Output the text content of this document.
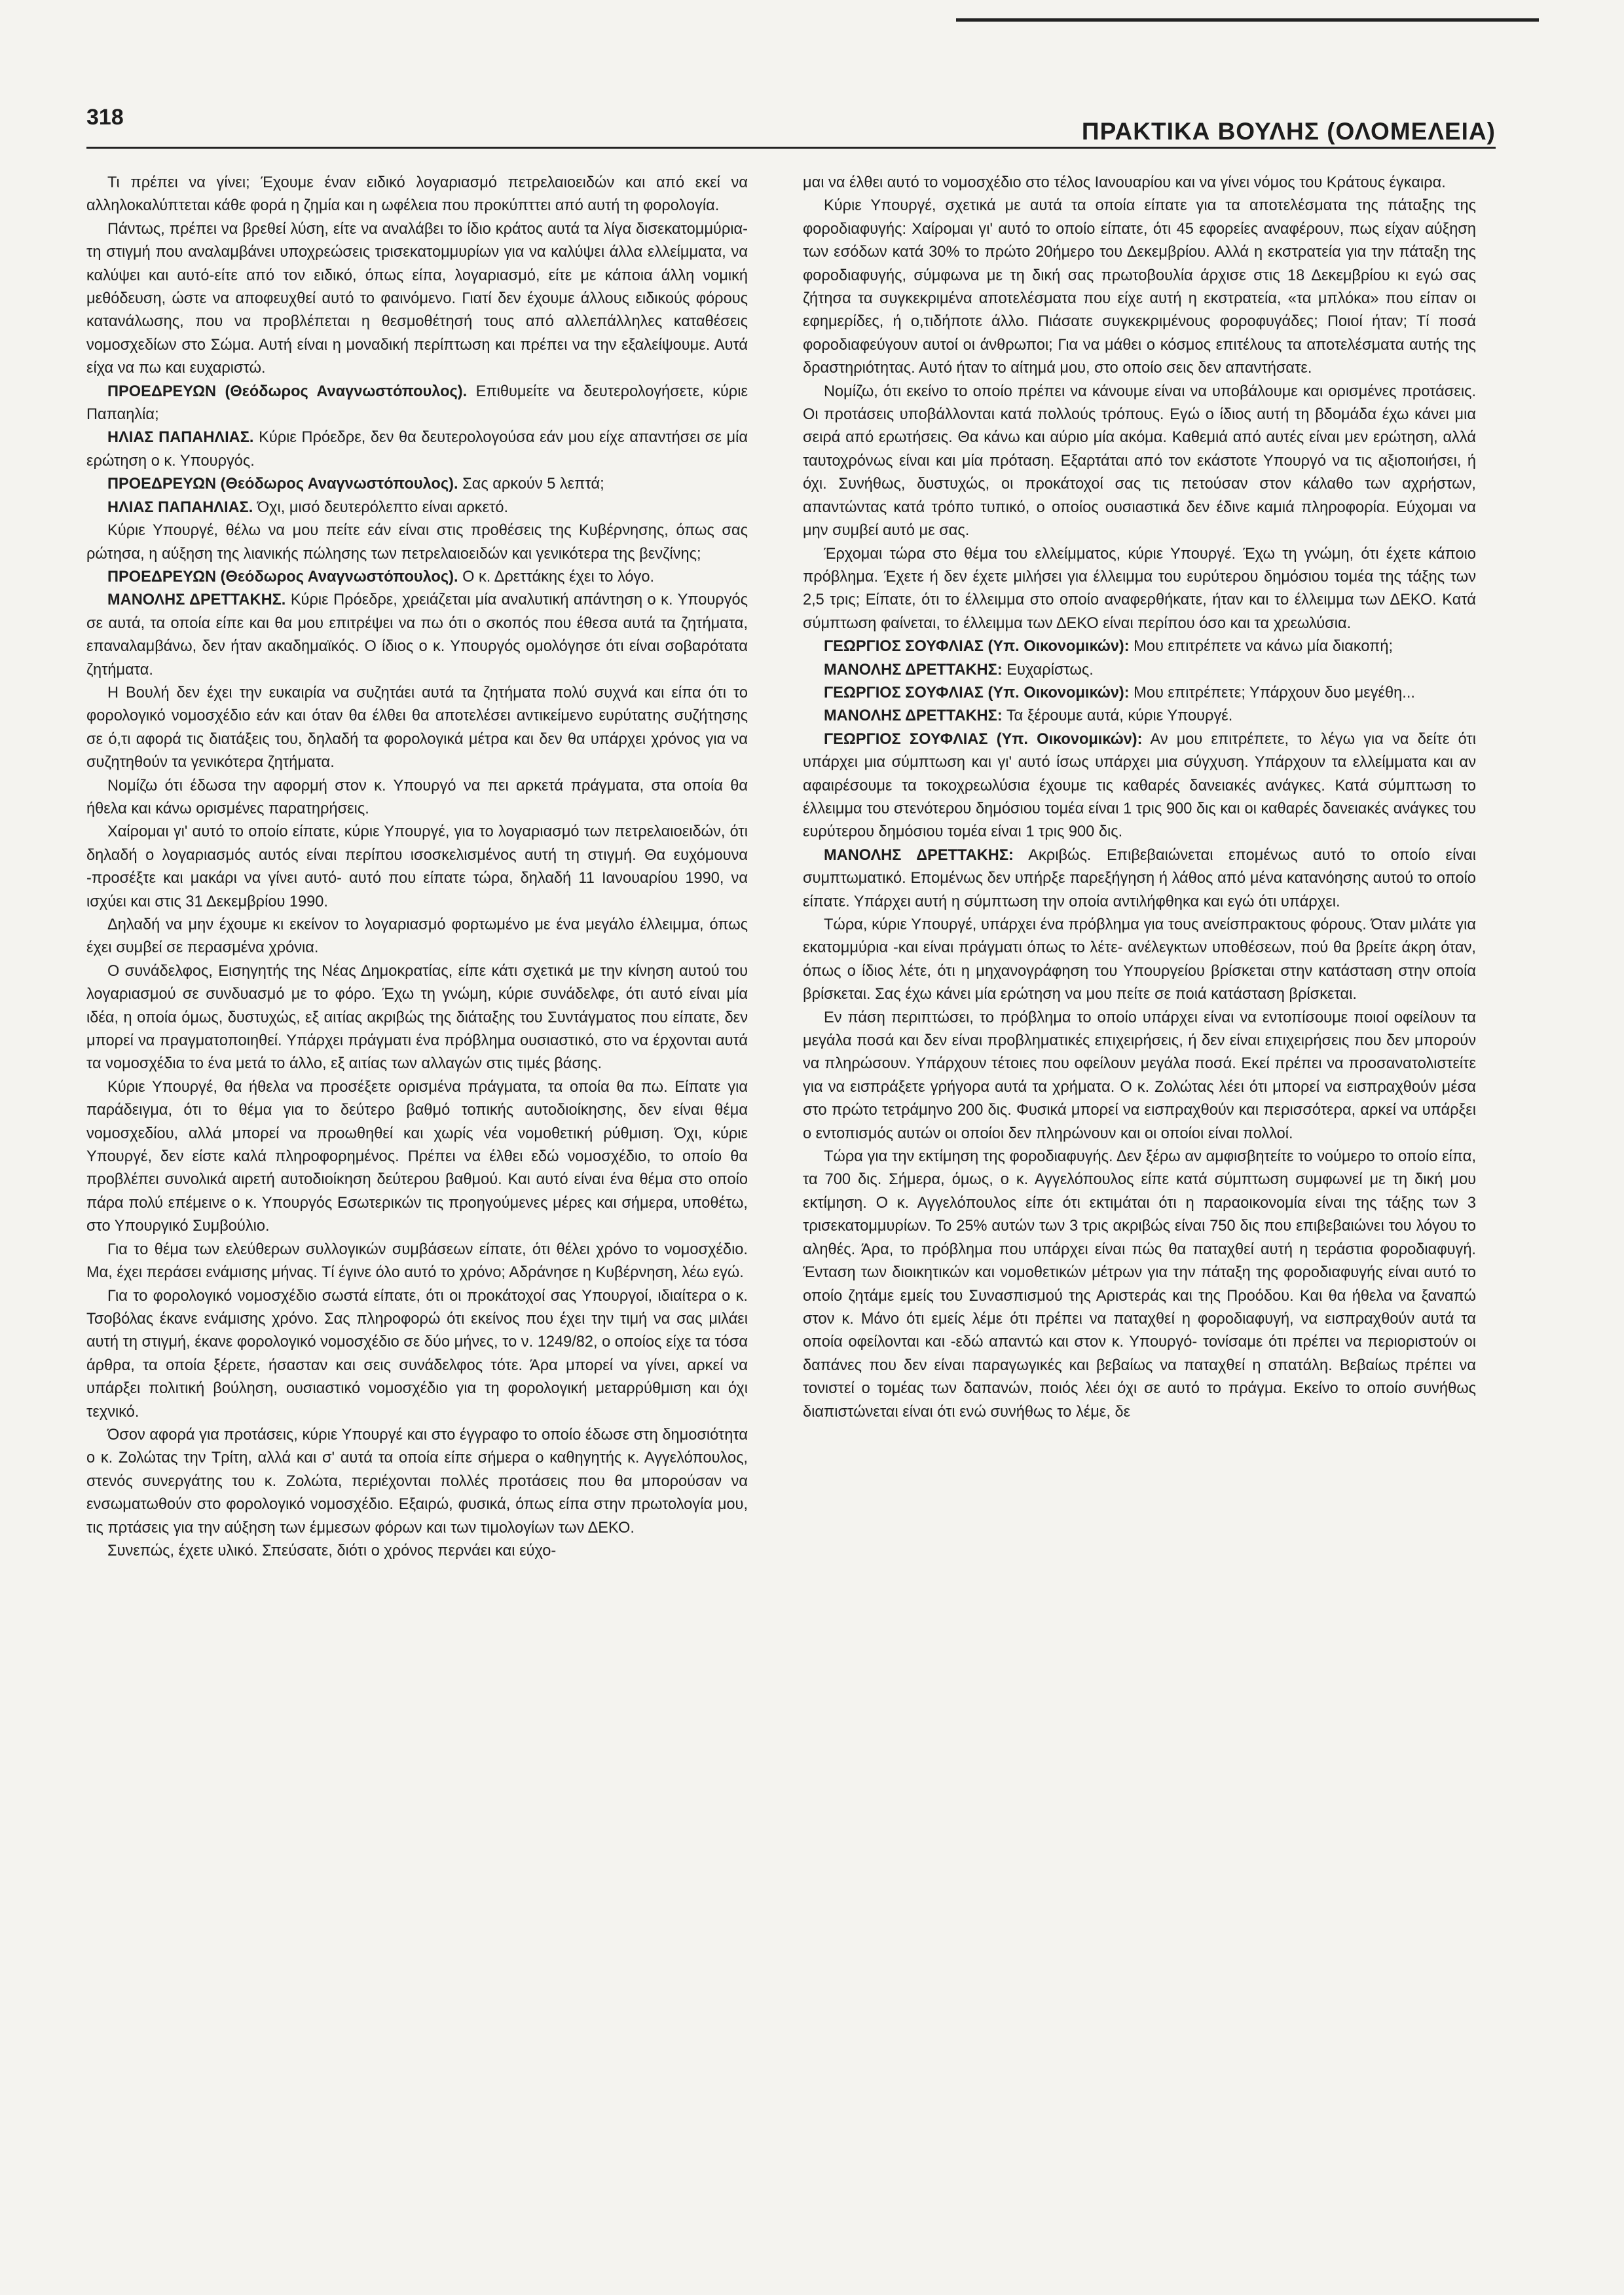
318
ΠΡΑΚΤΙΚΑ ΒΟΥΛΗΣ (ΟΛΟΜΕΛΕΙΑ)

Τι πρέπει να γίνει; Έχουμε έναν ειδικό λογαριασμό πετρελαιοειδών και από εκεί να αλληλοκαλύπτεται κάθε φορά η ζημία και η ωφέλεια που προκύπττει από αυτή τη φορολογία.

Πάντως, πρέπει να βρεθεί λύση, είτε να αναλάβει το ίδιο κράτος αυτά τα λίγα δισεκατομμύρια- τη στιγμή που αναλαμβάνει υποχρεώσεις τρισεκατομμυρίων για να καλύψει άλλα ελλείμματα, να καλύψει και αυτό-είτε από τον ειδικό, όπως είπα, λογαριασμό, είτε με κάποια άλλη νομική μεθόδευση, ώστε να αποφευχθεί αυτό το φαινόμενο. Γιατί δεν έχουμε άλλους ειδικούς φόρους κατανάλωσης, που να προβλέπεται η θεσμοθέτησή τους από αλλεπάλληλες καταθέσεις νομοσχεδίων στο Σώμα. Αυτή είναι η μοναδική περίπτωση και πρέπει να την εξαλείψουμε. Αυτά είχα να πω και ευχαριστώ.

ΠΡΟΕΔΡΕΥΩΝ (Θεόδωρος Αναγνωστόπουλος). Επιθυμείτε να δευτερολογήσετε, κύριε Παπαηλία;

ΗΛΙΑΣ ΠΑΠΑΗΛΙΑΣ. Κύριε Πρόεδρε, δεν θα δευτερολογούσα εάν μου είχε απαντήσει σε μία ερώτηση ο κ. Υπουργός.

ΠΡΟΕΔΡΕΥΩΝ (Θεόδωρος Αναγνωστόπουλος). Σας αρκούν 5 λεπτά;

ΗΛΙΑΣ ΠΑΠΑΗΛΙΑΣ. Όχι, μισό δευτερόλεπτο είναι αρκετό.

Κύριε Υπουργέ, θέλω να μου πείτε εάν είναι στις προθέσεις της Κυβέρνησης, όπως σας ρώτησα, η αύξηση της λιανικής πώλησης των πετρελαιοειδών και γενικότερα της βενζίνης;

ΠΡΟΕΔΡΕΥΩΝ (Θεόδωρος Αναγνωστόπουλος). Ο κ. Δρεττάκης έχει το λόγο.

ΜΑΝΟΛΗΣ ΔΡΕΤΤΑΚΗΣ. Κύριε Πρόεδρε, χρειάζεται μία αναλυτική απάντηση ο κ. Υπουργός σε αυτά, τα οποία είπε και θα μου επιτρέψει να πω ότι ο σκοπός που έθεσα αυτά τα ζητήματα, επαναλαμβάνω, δεν ήταν ακαδημαϊκός. Ο ίδιος ο κ. Υπουργός ομολόγησε ότι είναι σοβαρότατα ζητήματα.

Η Βουλή δεν έχει την ευκαιρία να συζητάει αυτά τα ζητήματα πολύ συχνά και είπα ότι το φορολογικό νομοσχέδιο εάν και όταν θα έλθει θα αποτελέσει αντικείμενο ευρύτατης συζήτησης σε ό,τι αφορά τις διατάξεις του, δηλαδή τα φορολογικά μέτρα και δεν θα υπάρχει χρόνος για να συζητηθούν τα γενικότερα ζητήματα.

Νομίζω ότι έδωσα την αφορμή στον κ. Υπουργό να πει αρκετά πράγματα, στα οποία θα ήθελα και κάνω ορισμένες παρατηρήσεις.

Χαίρομαι γι' αυτό το οποίο είπατε, κύριε Υπουργέ, για το λογαριασμό των πετρελαιοειδών, ότι δηλαδή ο λογαριασμός αυτός είναι περίπου ισοσκελισμένος αυτή τη στιγμή. Θα ευχόμουνα -προσέξτε και μακάρι να γίνει αυτό- αυτό που είπατε τώρα, δηλαδή 11 Ιανουαρίου 1990, να ισχύει και στις 31 Δεκεμβρίου 1990.

Δηλαδή να μην έχουμε κι εκείνον το λογαριασμό φορτωμένο με ένα μεγάλο έλλειμμα, όπως έχει συμβεί σε περασμένα χρόνια.

Ο συνάδελφος, Εισηγητής της Νέας Δημοκρατίας, είπε κάτι σχετικά με την κίνηση αυτού του λογαριασμού σε συνδυασμό με το φόρο. Έχω τη γνώμη, κύριε συνάδελφε, ότι αυτό είναι μία ιδέα, η οποία όμως, δυστυχώς, εξ αιτίας ακριβώς της διάταξης του Συντάγματος που είπατε, δεν μπορεί να πραγματοποιηθεί. Υπάρχει πράγματι ένα πρόβλημα ουσιαστικό, στο να έρχονται αυτά τα νομοσχέδια το ένα μετά το άλλο, εξ αιτίας των αλλαγών στις τιμές βάσης.

Κύριε Υπουργέ, θα ήθελα να προσέξετε ορισμένα πράγματα, τα οποία θα πω. Είπατε για παράδειγμα, ότι το θέμα για το δεύτερο βαθμό τοπικής αυτοδιοίκησης, δεν είναι θέμα νομοσχεδίου, αλλά μπορεί να προωθηθεί και χωρίς νέα νομοθετική ρύθμιση. Όχι, κύριε Υπουργέ, δεν είστε καλά πληροφορημένος. Πρέπει να έλθει εδώ νομοσχέδιο, το οποίο θα προβλέπει συνολικά αιρετή αυτοδιοίκηση δεύτερου βαθμού. Και αυτό είναι ένα θέμα στο οποίο πάρα πολύ επέμεινε ο κ. Υπουργός Εσωτερικών τις προηγούμενες μέρες και σήμερα, υποθέτω, στο Υπουργικό Συμβούλιο.

Για το θέμα των ελεύθερων συλλογικών συμβάσεων είπατε, ότι θέλει χρόνο το νομοσχέδιο. Μα, έχει περάσει ενάμισης μήνας. Τί έγινε όλο αυτό το χρόνο; Αδράνησε η Κυβέρνηση, λέω εγώ.

Για το φορολογικό νομοσχέδιο σωστά είπατε, ότι οι προκάτοχοί σας Υπουργοί, ιδιαίτερα ο κ. Τσοβόλας έκανε ενάμισης χρόνο. Σας πληροφορώ ότι εκείνος που έχει την τιμή να σας μιλάει αυτή τη στιγμή, έκανε φορολογικό νομοσχέδιο σε δύο μήνες, το ν. 1249/82, ο οποίος είχε τα τόσα άρθρα, τα οποία ξέρετε, ήσασταν και σεις συνάδελφος τότε. Άρα μπορεί να γίνει, αρκεί να υπάρξει πολιτική βούληση, ουσιαστικό νομοσχέδιο για τη φορολογική μεταρρύθμιση και όχι τεχνικό.

Όσον αφορά για προτάσεις, κύριε Υπουργέ και στο έγγραφο το οποίο έδωσε στη δημοσιότητα ο κ. Ζολώτας την Τρίτη, αλλά και σ' αυτά τα οποία είπε σήμερα ο καθηγητής κ. Αγγελόπουλος, στενός συνεργάτης του κ. Ζολώτα, περιέχονται πολλές προτάσεις που θα μπορούσαν να ενσωματωθούν στο φορολογικό νομοσχέδιο. Εξαιρώ, φυσικά, όπως είπα στην πρωτολογία μου, τις πρτάσεις για την αύξηση των έμμεσων φόρων και των τιμολογίων των ΔΕΚΟ.

Συνεπώς, έχετε υλικό. Σπεύσατε, διότι ο χρόνος περνάει και εύχο-

μαι να έλθει αυτό το νομοσχέδιο στο τέλος Ιανουαρίου και να γίνει νόμος του Κράτους έγκαιρα.

Κύριε Υπουργέ, σχετικά με αυτά τα οποία είπατε για τα αποτελέσματα της πάταξης της φοροδιαφυγής: Χαίρομαι γι' αυτό το οποίο είπατε, ότι 45 εφορείες αναφέρουν, πως είχαν αύξηση των εσόδων κατά 30% το πρώτο 20ήμερο του Δεκεμβρίου. Αλλά η εκστρατεία για την πάταξη της φοροδιαφυγής, σύμφωνα με τη δική σας πρωτοβουλία άρχισε στις 18 Δεκεμβρίου κι εγώ σας ζήτησα τα συγκεκριμένα αποτελέσματα που είχε αυτή η εκστρατεία, «τα μπλόκα» που είπαν οι εφημερίδες, ή ο,τιδήποτε άλλο. Πιάσατε συγκεκριμένους φοροφυγάδες; Ποιοί ήταν; Τί ποσά φοροδιαφεύγουν αυτοί οι άνθρωποι; Για να μάθει ο κόσμος επιτέλους τα αποτελέσματα αυτής της δραστηριότητας. Αυτό ήταν το αίτημά μου, στο οποίο σεις δεν απαντήσατε.

Νομίζω, ότι εκείνο το οποίο πρέπει να κάνουμε είναι να υποβάλουμε και ορισμένες προτάσεις. Οι προτάσεις υποβάλλονται κατά πολλούς τρόπους. Εγώ ο ίδιος αυτή τη βδομάδα έχω κάνει μια σειρά από ερωτήσεις. Θα κάνω και αύριο μία ακόμα. Καθεμιά από αυτές είναι μεν ερώτηση, αλλά ταυτοχρόνως είναι και μία πρόταση. Εξαρτάται από τον εκάστοτε Υπουργό να τις αξιοποιήσει, ή όχι. Συνήθως, δυστυχώς, οι προκάτοχοί σας τις πετούσαν στον κάλαθο των αχρήστων, απαντώντας κατά τρόπο τυπικό, ο οποίος ουσιαστικά δεν έδινε καμιά πληροφορία. Εύχομαι να μην συμβεί αυτό με σας.

Έρχομαι τώρα στο θέμα του ελλείμματος, κύριε Υπουργέ. Έχω τη γνώμη, ότι έχετε κάποιο πρόβλημα. Έχετε ή δεν έχετε μιλήσει για έλλειμμα του ευρύτερου δημόσιου τομέα της τάξης των 2,5 τρις; Είπατε, ότι το έλλειμμα στο οποίο αναφερθήκατε, ήταν και το έλλειμμα των ΔΕΚΟ. Κατά σύμπτωση φαίνεται, το έλλειμμα των ΔΕΚΟ είναι περίπου όσο και τα χρεωλύσια.

ΓΕΩΡΓΙΟΣ ΣΟΥΦΛΙΑΣ (Υπ. Οικονομικών): Μου επιτρέπετε να κάνω μία διακοπή;

ΜΑΝΟΛΗΣ ΔΡΕΤΤΑΚΗΣ: Ευχαρίστως.

ΓΕΩΡΓΙΟΣ ΣΟΥΦΛΙΑΣ (Υπ. Οικονομικών): Μου επιτρέπετε; Υπάρχουν δυο μεγέθη...

ΜΑΝΟΛΗΣ ΔΡΕΤΤΑΚΗΣ: Τα ξέρουμε αυτά, κύριε Υπουργέ.

ΓΕΩΡΓΙΟΣ ΣΟΥΦΛΙΑΣ (Υπ. Οικονομικών): Αν μου επιτρέπετε, το λέγω για να δείτε ότι υπάρχει μια σύμπτωση και γι' αυτό ίσως υπάρχει μια σύγχυση. Υπάρχουν τα ελλείμματα και αν αφαιρέσουμε τα τοκοχρεωλύσια έχουμε τις καθαρές δανειακές ανάγκες. Κατά σύμπτωση το έλλειμμα του στενότερου δημόσιου τομέα είναι 1 τρις 900 δις και οι καθαρές δανειακές ανάγκες του ευρύτερου δημόσιου τομέα είναι 1 τρις 900 δις.

ΜΑΝΟΛΗΣ ΔΡΕΤΤΑΚΗΣ: Ακριβώς. Επιβεβαιώνεται επομένως αυτό το οποίο είναι συμπτωματικό. Επομένως δεν υπήρξε παρεξήγηση ή λάθος από μένα κατανόησης αυτού το οποίο είπατε. Υπάρχει αυτή η σύμπτωση την οποία αντιλήφθηκα και εγώ ότι υπάρχει.

Τώρα, κύριε Υπουργέ, υπάρχει ένα πρόβλημα για τους ανείσπρακτους φόρους. Όταν μιλάτε για εκατομμύρια -και είναι πράγματι όπως το λέτε- ανέλεγκτων υποθέσεων, πού θα βρείτε άκρη όταν, όπως ο ίδιος λέτε, ότι η μηχανογράφηση του Υπουργείου βρίσκεται στην κατάσταση στην οποία βρίσκεται. Σας έχω κάνει μία ερώτηση να μου πείτε σε ποιά κατάσταση βρίσκεται.

Εν πάση περιπτώσει, το πρόβλημα το οποίο υπάρχει είναι να εντοπίσουμε ποιοί οφείλουν τα μεγάλα ποσά και δεν είναι προβληματικές επιχειρήσεις, ή δεν είναι επιχειρήσεις που δεν μπορούν να πληρώσουν. Υπάρχουν τέτοιες που οφείλουν μεγάλα ποσά. Εκεί πρέπει να προσανατολιστείτε για να εισπράξετε γρήγορα αυτά τα χρήματα. Ο κ. Ζολώτας λέει ότι μπορεί να εισπραχθούν μέσα στο πρώτο τετράμηνο 200 δις. Φυσικά μπορεί να εισπραχθούν και περισσότερα, αρκεί να υπάρξει ο εντοπισμός αυτών οι οποίοι δεν πληρώνουν και οι οποίοι είναι πολλοί.

Τώρα για την εκτίμηση της φοροδιαφυγής. Δεν ξέρω αν αμφισβητείτε το νούμερο το οποίο είπα, τα 700 δις. Σήμερα, όμως, ο κ. Αγγελόπουλος είπε κατά σύμπτωση συμφωνεί με τη δική μου εκτίμηση. Ο κ. Αγγελόπουλος είπε ότι εκτιμάται ότι η παραοικονομία είναι της τάξης των 3 τρισεκατομμυρίων. Το 25% αυτών των 3 τρις ακριβώς είναι 750 δις που επιβεβαιώνει του λόγου το αληθές. Άρα, το πρόβλημα που υπάρχει είναι πώς θα παταχθεί αυτή η τεράστια φοροδιαφυγή. Ένταση των διοικητικών και νομοθετικών μέτρων για την πάταξη της φοροδιαφυγής είναι αυτό το οποίο ζητάμε εμείς του Συνασπισμού της Αριστεράς και της Προόδου. Και θα ήθελα να ξαναπώ στον κ. Μάνο ότι εμείς λέμε ότι πρέπει να παταχθεί η φοροδιαφυγή, να εισπραχθούν αυτά τα οποία οφείλονται και -εδώ απαντώ και στον κ. Υπουργό- τονίσαμε ότι πρέπει να περιοριστούν οι δαπάνες που δεν είναι παραγωγικές και βεβαίως να παταχθεί η σπατάλη. Βεβαίως πρέπει να τονιστεί ο τομέας των δαπανών, ποιός λέει όχι σε αυτό το πράγμα. Εκείνο το οποίο συνήθως διαπιστώνεται είναι ότι ενώ συνήθως το λέμε, δε
